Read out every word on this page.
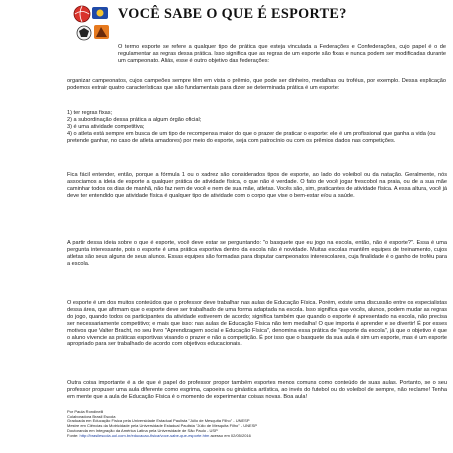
VOCÊ SABE O QUE É ESPORTE?

O termo esporte se refere a qualquer tipo de prática que esteja vinculada a Federações e Confederações, cujo papel é o de regulamentar as regras dessa prática. Isso significa que as regras de um esporte são fixas e nunca podem ser modificadas durante um campeonato. Aliás, esse é outro objetivo das federações:

organizar campeonatos, cujos campeões sempre têm em vista o prêmio, que pode ser dinheiro, medalhas ou troféus, por exemplo. Dessa explicação podemos extrair quatro características que são fundamentais para dizer se determinada prática é um esporte:

1) ter regras fixas;
2) a subordinação dessa prática a algum órgão oficial;
3) é uma atividade competitiva;
4) o atleta está sempre em busca de um tipo de recompensa maior do que o prazer de praticar o esporte: ele é um profissional que ganha a vida (ou pretende ganhar, no caso de atleta amadores) por meio do esporte, seja com patrocínio ou com os prêmios dados nas competições.

Fica fácil entender, então, porque a fórmula 1 ou o xadrez são considerados tipos de esporte, ao lado do voleibol ou da natação. Geralmente, nós associamos a ideia de esporte a qualquer prática de atividade física, o que não é verdade. O fato de você jogar frescobol na praia, ou de a sua mãe caminhar todos os dias de manhã, não faz nem de você e nem de sua mãe, atletas. Vocês são, sim, praticantes de atividade física. A essa altura, você já deve ter entendido que atividade física é qualquer tipo de atividade com o corpo que vise o bem-estar e/ou a saúde.

A partir dessa ideia sobre o que é esporte, você deve estar se perguntando: "o basquete que eu jogo na escola, então, não é esporte?". Essa é uma pergunta interessante, pois o esporte é uma prática esportiva dentro da escola não é novidade. Muitas escolas mantêm equipes de treinamento, cujos atletas são seus alguns de seus alunos. Essas equipes são formadas para disputar campeonatos interescolares, cuja finalidade é o ganho de troféu para a escola.

O esporte é um dos muitos conteúdos que o professor deve trabalhar nas aulas de Educação Física. Porém, existe uma discussão entre os especialistas dessa área, que afirmam que o esporte deve ser trabalhado de uma forma adaptada na escola. Isso significa que vocês, alunos, podem mudar as regras do jogo, quando todos os participantes da atividade estiverem de acordo; significa também que quando o esporte é apresentado na escola, não precisa ser necessariamente competitivo; e mais que isso: nas aulas de Educação Física não tem medalha! O que importa é aprender e se divertir! É por esses motivos que Valter Bracht, no seu livro "Aprendizagem social e Educação Física", denomina essa prática de "esporte da escola", já que o objetivo é que o aluno vivencie as práticas esportivas visando o prazer e não a competição. É por isso que o basquete da sua aula é sim um esporte, mas é um esporte apropriado para ser trabalhado de acordo com objetivos educacionais.

Outra coisa importante é a de que é papel do professor propor também esportes menos comuns como conteúdo de suas aulas. Portanto, se o seu professor propuser uma aula diferente como esgrima, capoeira ou ginástica artística, ao invés do futebol ou do voleibol de sempre, não reclame! Tenha em mente que a aula de Educação Física é o momento de experimentar coisas novas. Boa aula!

Por Paula Rondinelli
Colaboradora Brasil Escola
Graduada em Educação Física pela Universidade Estadual Paulista "Júlio de Mesquita Filho" - UNESP
Mestre em Ciências da Motricidade pela Universidade Estadual Paulista "Júlio de Mesquita Filho" - UNESP
Doutoranda em Integração da América Latina pela Universidade de São Paulo - USP
Fonte: http://brasilescola.uol.com.br/educacao-fisica/voce-sabe-que-esporte.htm acesso em 02/05/2016
